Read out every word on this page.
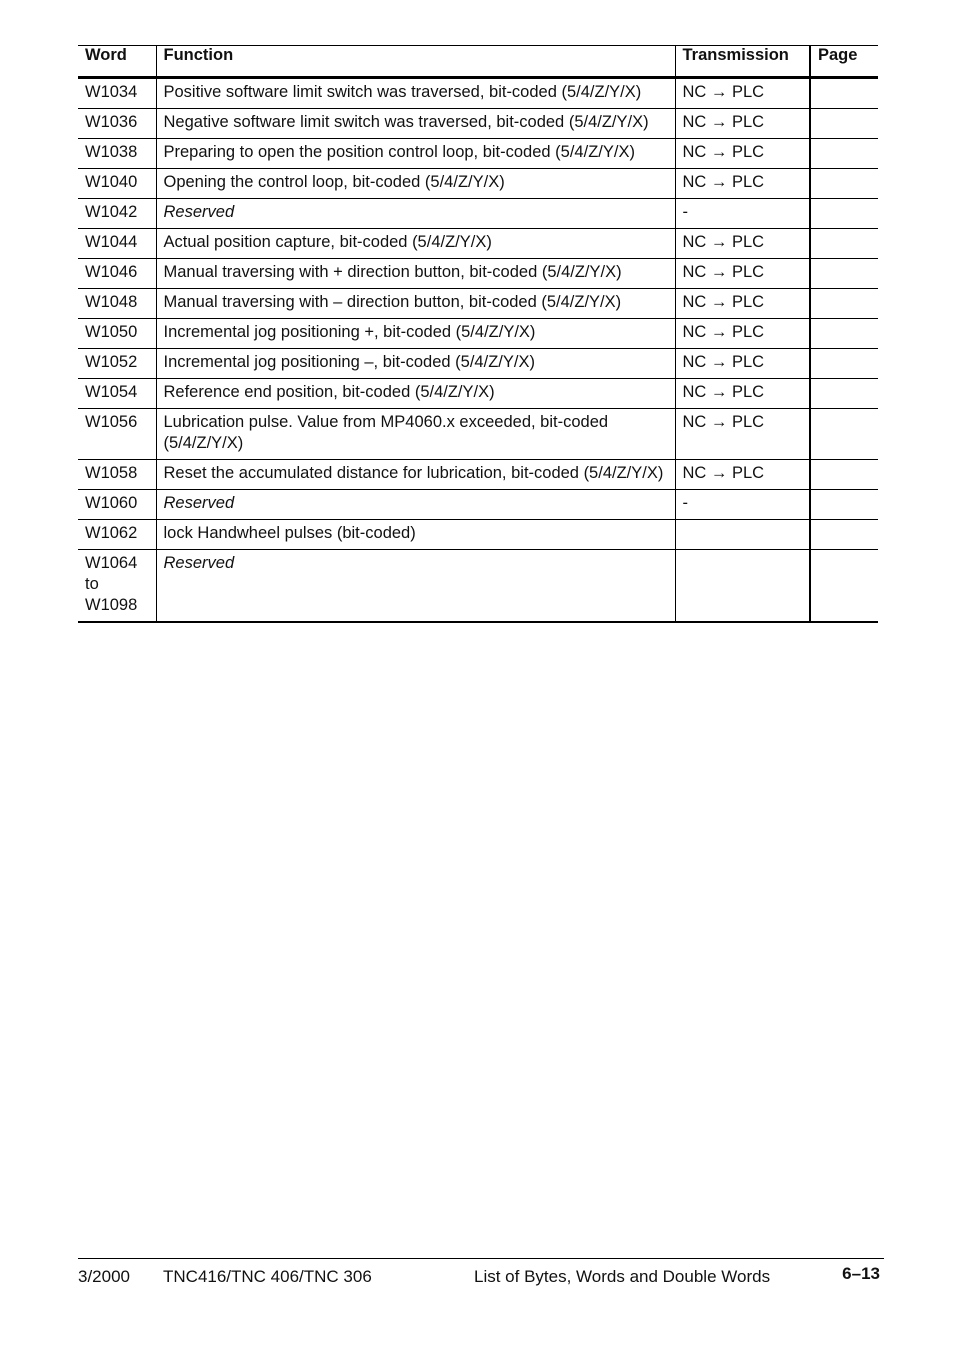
Word	Function	Transmission	Page
W1034	Positive software limit switch was traversed, bit-coded (5/4/Z/Y/X)	NC → PLC	
W1036	Negative software limit switch was traversed, bit-coded (5/4/Z/Y/X)	NC → PLC	
W1038	Preparing to open the position control loop, bit-coded (5/4/Z/Y/X)	NC → PLC	
W1040	Opening the control loop, bit-coded (5/4/Z/Y/X)	NC → PLC	
W1042	Reserved	-	
W1044	Actual position capture, bit-coded (5/4/Z/Y/X)	NC → PLC	
W1046	Manual traversing with + direction button, bit-coded (5/4/Z/Y/X)	NC → PLC	
W1048	Manual traversing with – direction button, bit-coded (5/4/Z/Y/X)	NC → PLC	
W1050	Incremental jog positioning +, bit-coded (5/4/Z/Y/X)	NC → PLC	
W1052	Incremental jog positioning –, bit-coded (5/4/Z/Y/X)	NC → PLC	
W1054	Reference end position, bit-coded (5/4/Z/Y/X)	NC → PLC	
W1056	Lubrication pulse. Value from MP4060.x exceeded, bit-coded (5/4/Z/Y/X)	NC → PLC	
W1058	Reset the accumulated distance for lubrication, bit-coded (5/4/Z/Y/X)	NC → PLC	
W1060	Reserved	-	
W1062	lock Handwheel pulses (bit-coded)		
W1064 to W1098	Reserved		
3/2000 TNC416/TNC 406/TNC 306	List of Bytes, Words and Double Words	6–13
